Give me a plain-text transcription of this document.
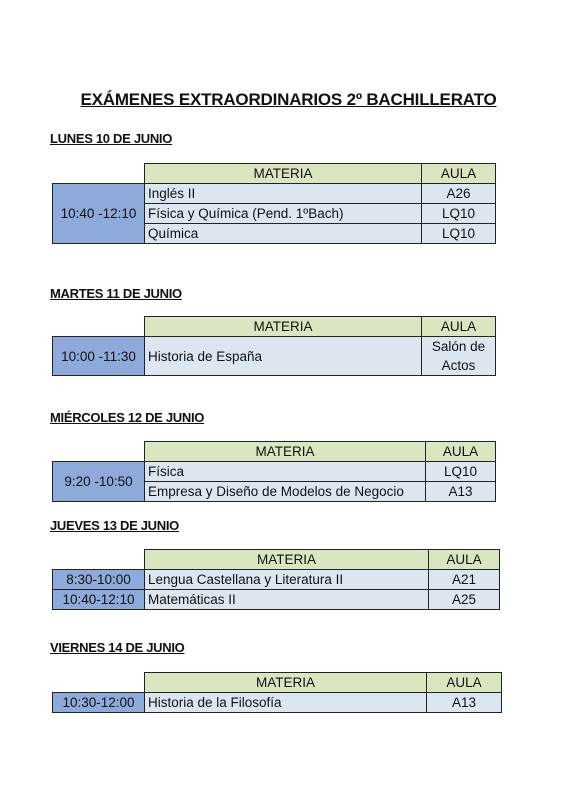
EXÁMENES EXTRAORDINARIOS 2º BACHILLERATO
LUNES 10 DE JUNIO
	MATERIA	AULA
10:40 -12:10	Inglés II	A26
	Física y Química (Pend. 1ºBach)	LQ10
	Química	LQ10
MARTES 11 DE JUNIO
	MATERIA	AULA
10:00 -11:30	Historia de España	Salón de Actos
MIÉRCOLES 12 DE JUNIO
	MATERIA	AULA
9:20 -10:50	Física	LQ10
	Empresa y Diseño de Modelos de Negocio	A13
JUEVES 13 DE JUNIO
	MATERIA	AULA
8:30-10:00	Lengua Castellana y Literatura II	A21
10:40-12:10	Matemáticas II	A25
VIERNES 14 DE JUNIO
	MATERIA	AULA
10:30-12:00	Historia de la Filosofía	A13
